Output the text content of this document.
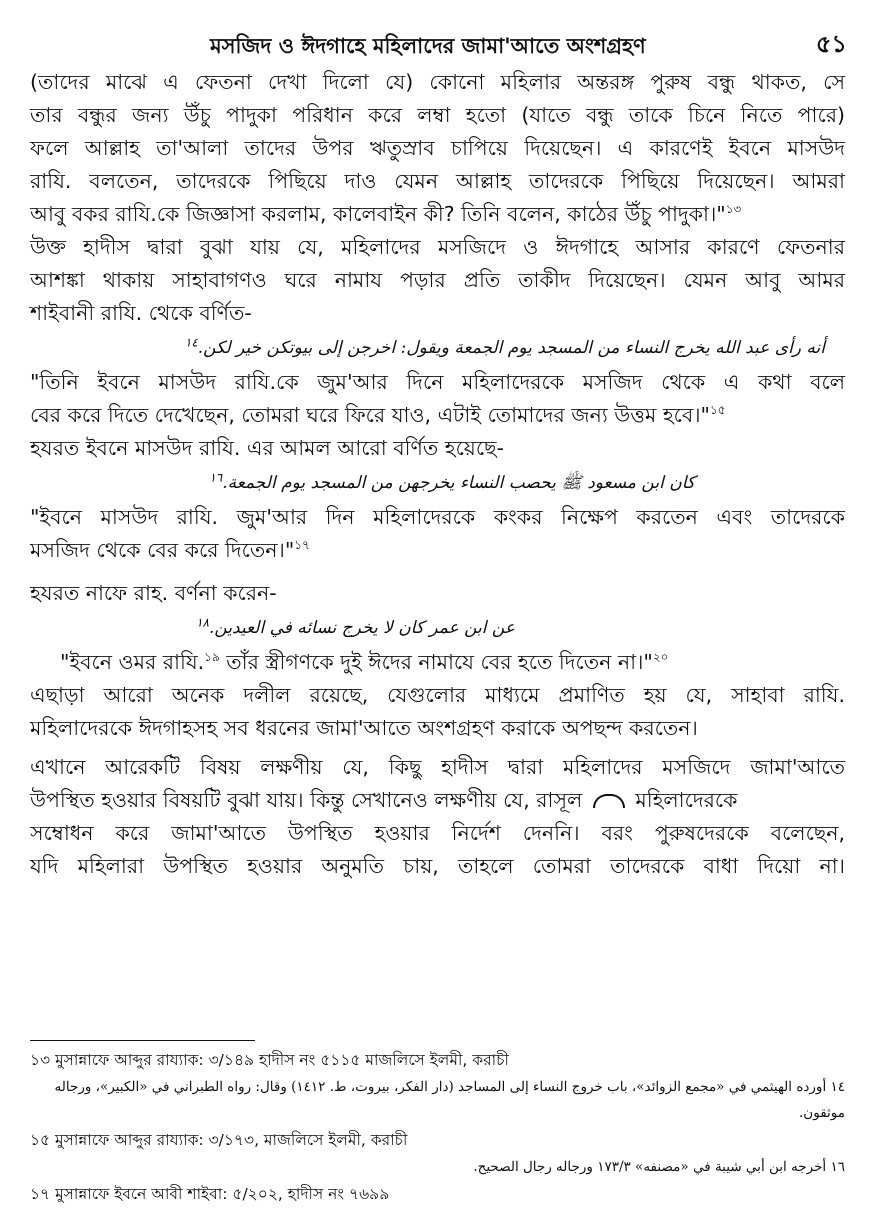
মসজিদ ও ঈদগাহে মহিলাদের জামা'আতে অংশগ্রহণ	৫১
(তাদের মাঝে এ ফেতনা দেখা দিলো যে) কোনো মহিলার অন্তরঙ্গ পুরুষ বন্ধু থাকত, সে
তার বন্ধুর জন্য উঁচু পাদুকা পরিধান করে লম্বা হতো (যাতে বন্ধু তাকে চিনে নিতে পারে)
ফলে আল্লাহ তা'আলা তাদের উপর ঋতুস্রাব চাপিয়ে দিয়েছেন। এ কারণেই ইবনে মাসউদ
রাযি. বলতেন, তাদেরকে পিছিয়ে দাও যেমন আল্লাহ তাদেরকে পিছিয়ে দিয়েছেন। আমরা
আবু বকর রাযি.কে জিজ্ঞাসা করলাম, কালেবাইন কী? তিনি বলেন, কাঠের উঁচু পাদুকা।"$^{১৩}$
উক্ত হাদীস দ্বারা বুঝা যায় যে, মহিলাদের মসজিদে ও ঈদগাহে আসার কারণে ফেতনার
আশঙ্কা থাকায় সাহাবাগণও ঘরে নামায পড়ার প্রতি তাকীদ দিয়েছেন। যেমন আবু আমর
শাইবানী রাযি. থেকে বর্ণিত-
أنه رأى عبد الله يخرج النساء من المسجد يوم الجمعة ويقول: اخرجن إلى بيوتكن خير لكن.$^{١٤}$
"তিনি ইবনে মাসউদ রাযি.কে জুম'আর দিনে মহিলাদেরকে মসজিদ থেকে এ কথা বলে
বের করে দিতে দেখেছেন, তোমরা ঘরে ফিরে যাও, এটাই তোমাদের জন্য উত্তম হবে।"$^{১৫}$
হযরত ইবনে মাসউদ রাযি. এর আমল আরো বর্ণিত হয়েছে-
كان ابن مسعود ﷺ يحصب النساء يخرجهن من المسجد يوم الجمعة.$^{١٦}$
"ইবনে মাসউদ রাযি. জুম'আর দিন মহিলাদেরকে কংকর নিক্ষেপ করতেন এবং তাদেরকে
মসজিদ থেকে বের করে দিতেন।"$^{১৭}$
হযরত নাফে রাহ. বর্ণনা করেন-
عن ابن عمر كان لا يخرج نسائه في العيدين.$^{١٨}$
"ইবনে ওমর রাযি.$^{১৯}$ তাঁর স্ত্রীগণকে দুই ঈদের নামাযে বের হতে দিতেন না।"$^{২০}$
এছাড়া আরো অনেক দলীল রয়েছে, যেগুলোর মাধ্যমে প্রমাণিত হয় যে, সাহাবা রাযি.
মহিলাদেরকে ঈদগাহসহ সব ধরনের জামা'আতে অংশগ্রহণ করাকে অপছন্দ করতেন।
এখানে আরেকটি বিষয় লক্ষণীয় যে, কিছু হাদীস দ্বারা মহিলাদের মসজিদে জামা'আতে
উপস্থিত হওয়ার বিষয়টি বুঝা যায়। কিন্তু সেখানেও লক্ষণীয় যে, রাসূল	মহিলাদেরকে
সম্বোধন করে জামা'আতে উপস্থিত হওয়ার নির্দেশ দেননি। বরং পুরুষদেরকে বলেছেন,
যদি মহিলারা উপস্থিত হওয়ার অনুমতি চায়, তাহলে তোমরা তাদেরকে বাধা দিয়ো না।
১৩ মুসান্নাফে আব্দুর রায্যাক: ৩/১৪৯ হাদীস নং ৫১১৫ মাজলিসে ইলমী, করাচী
١٤ أورده الهيثمي في «مجمع الزوائد»، باب خروج النساء إلى المساجد (دار الفكر، بيروت، ط. ١٤١٢) وقال: رواه الطبراني في «الكبير»، ورجاله
موثقون.
১৫ মুসান্নাফে আব্দুর রায্যাক: ৩/১৭৩, মাজলিসে ইলমী, করাচী
١٦ أخرجه ابن أبي شيبة في «مصنفه» ١٧٣/٣ ورجاله رجال الصحيح.
১৭ মুসান্নাফে ইবনে আবী শাইবা: ৫/২০২, হাদীস নং ৭৬৯৯
